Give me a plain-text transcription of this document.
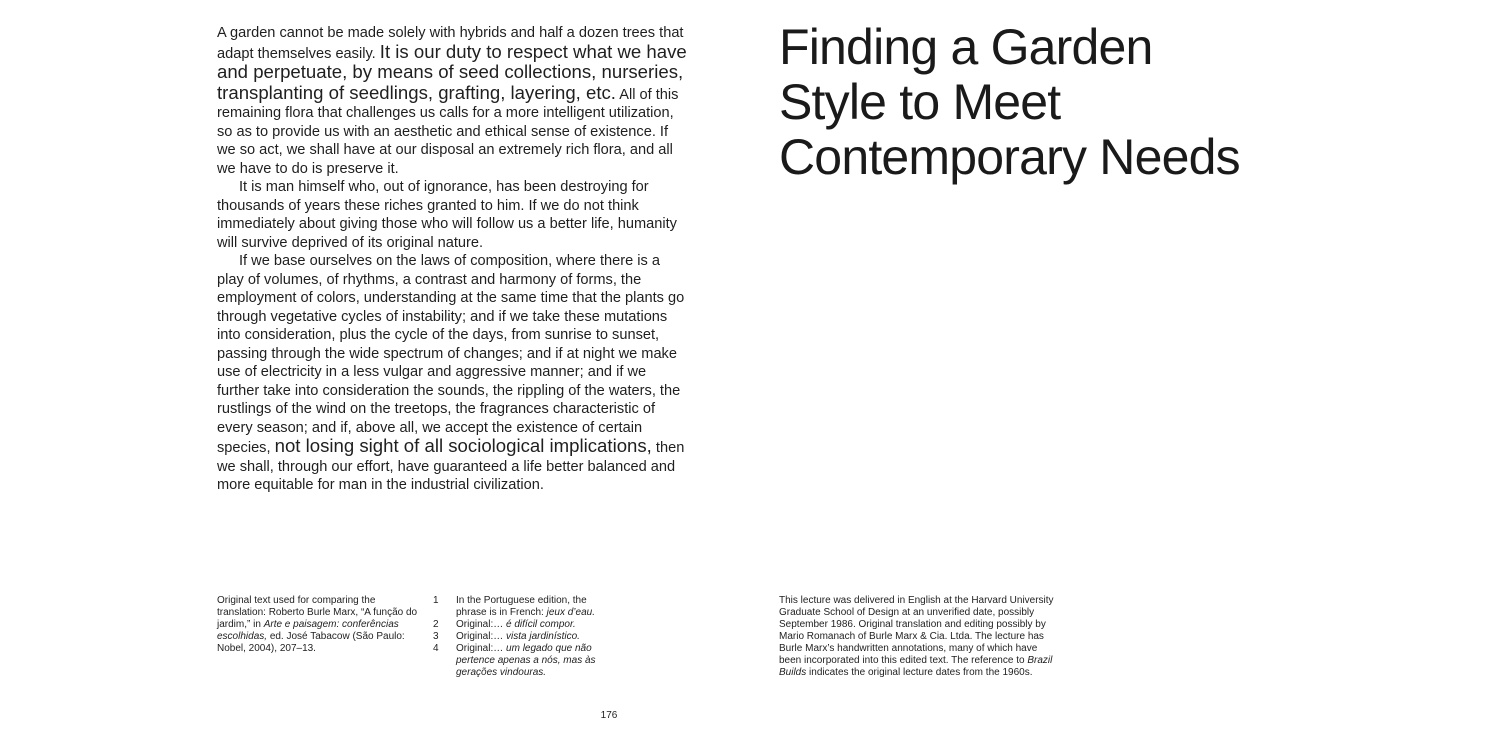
A garden cannot be made solely with hybrids and half a dozen trees that adapt themselves easily. It is our duty to respect what we have and perpetuate, by means of seed collections, nurseries, transplanting of seedlings, grafting, layering, etc. All of this remaining flora that challenges us calls for a more intelligent utilization, so as to provide us with an aesthetic and ethical sense of existence. If we so act, we shall have at our disposal an extremely rich flora, and all we have to do is preserve it.

It is man himself who, out of ignorance, has been destroying for thousands of years these riches granted to him. If we do not think immediately about giving those who will follow us a better life, humanity will survive deprived of its original nature.

If we base ourselves on the laws of composition, where there is a play of volumes, of rhythms, a contrast and harmony of forms, the employment of colors, understanding at the same time that the plants go through vegetative cycles of instability; and if we take these mutations into consideration, plus the cycle of the days, from sunrise to sunset, passing through the wide spectrum of changes; and if at night we make use of electricity in a less vulgar and aggressive manner; and if we further take into consideration the sounds, the rippling of the waters, the rustlings of the wind on the treetops, the fragrances characteristic of every season; and if, above all, we accept the existence of certain species, not losing sight of all sociological implications, then we shall, through our effort, have guaranteed a life better balanced and more equitable for man in the industrial civilization.

Finding a Garden
Style to Meet
Contemporary Needs

Original text used for comparing the translation: Roberto Burle Marx, “A função do jardim,” in Arte e paisagem: conferências escolhidas, ed. José Tabacow (São Paulo: Nobel, 2004), 207–13.

1	In the Portuguese edition, the phrase is in French: jeux d’eau.
2	Original:… é difícil compor.
3	Original:… vista jardinístico.
4	Original:… um legado que não pertence apenas a nós, mas às gerações vindouras.

This lecture was delivered in English at the Harvard University Graduate School of Design at an unverified date, possibly September 1986. Original translation and editing possibly by Mario Romanach of Burle Marx & Cia. Ltda. The lecture has Burle Marx’s handwritten annotations, many of which have been incorporated into this edited text. The reference to Brazil Builds indicates the original lecture dates from the 1960s.

176
